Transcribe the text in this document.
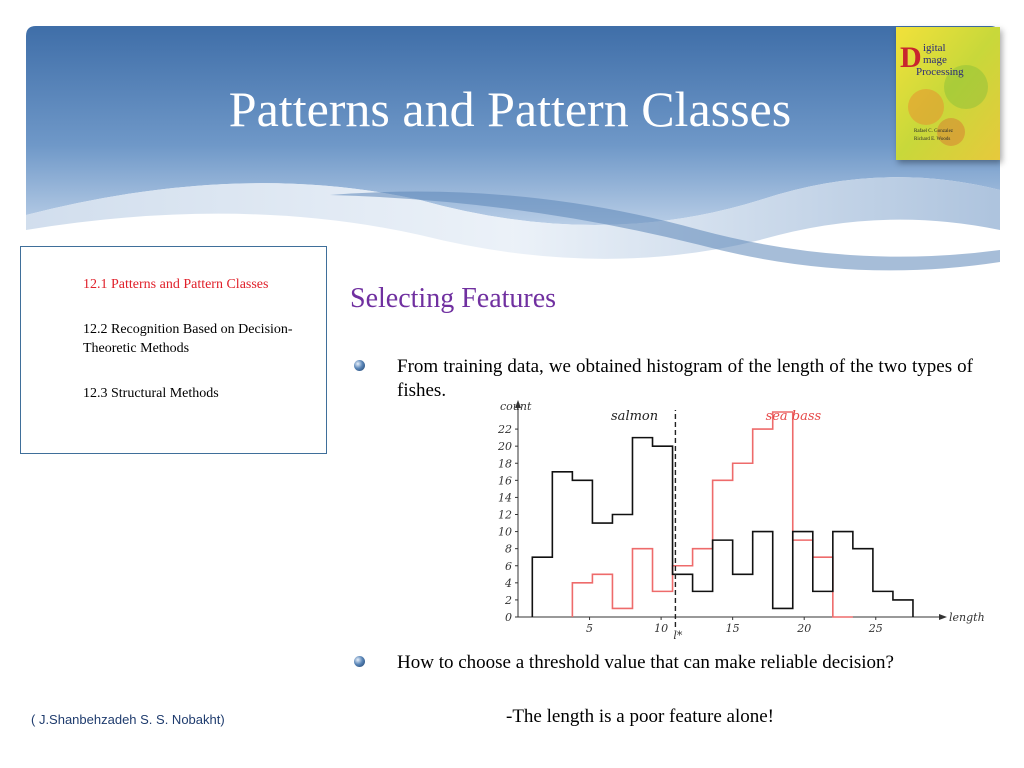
Patterns and Pattern Classes
D igital
mage
Processing
Rafael C. Gonzalez
Richard E. Woods
12.1 Patterns and Pattern Classes
12.2 Recognition Based on Decision-Theoretic Methods
12.3 Structural Methods
Selecting Features
From training data, we obtained histogram of the length of the two types of fishes.
0
2
4
6
8
10
12
14
16
18
20
22
5	10	15	20	25
count
length
l*
salmon	sea bass
How to choose a threshold value that can make reliable decision?
-The length is a poor feature alone!
( J.Shanbehzadeh S. S. Nobakht)
